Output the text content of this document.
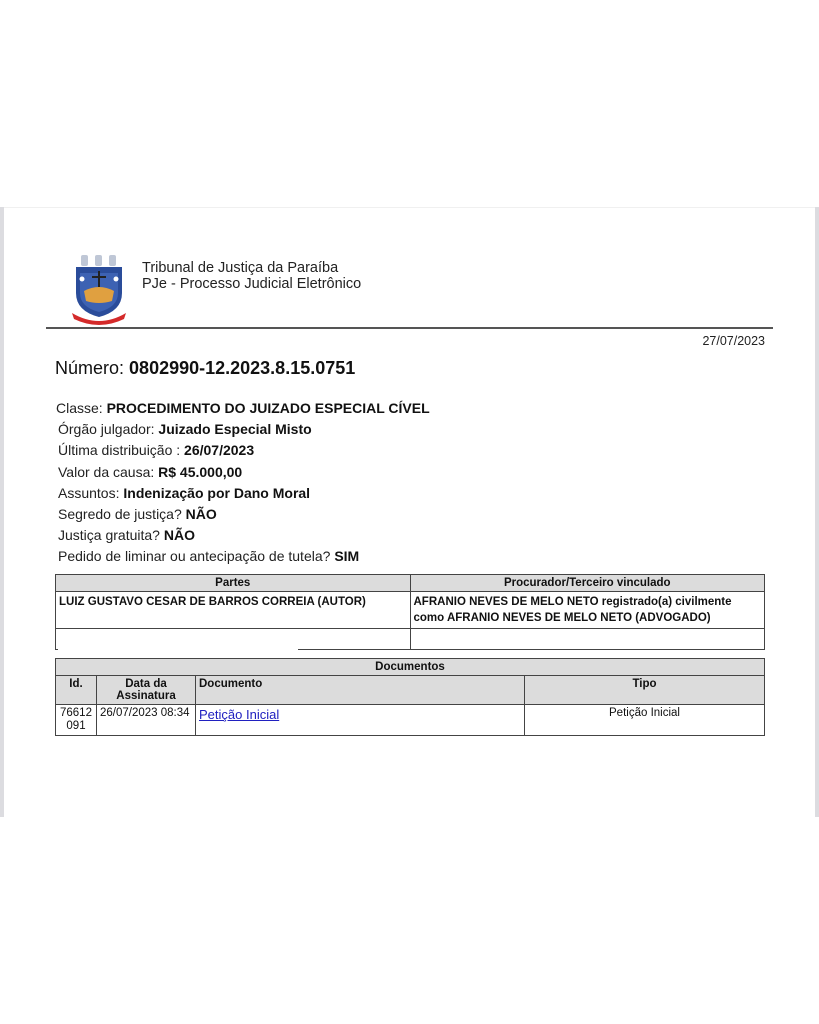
Tribunal de Justiça da Paraíba
PJe - Processo Judicial Eletrônico
27/07/2023
Número: 0802990-12.2023.8.15.0751
Classe: PROCEDIMENTO DO JUIZADO ESPECIAL CÍVEL
Órgão julgador: Juizado Especial Misto
Última distribuição : 26/07/2023
Valor da causa: R$ 45.000,00
Assuntos: Indenização por Dano Moral
Segredo de justiça? NÃO
Justiça gratuita? NÃO
Pedido de liminar ou antecipação de tutela? SIM
Partes	Procurador/Terceiro vinculado
LUIZ GUSTAVO CESAR DE BARROS CORREIA (AUTOR)	AFRANIO NEVES DE MELO NETO registrado(a) civilmente como AFRANIO NEVES DE MELO NETO (ADVOGADO)

Documentos			
Id.	Data da Assinatura	Documento	Tipo
76612 091	26/07/2023 08:34	Petição Inicial	Petição Inicial
